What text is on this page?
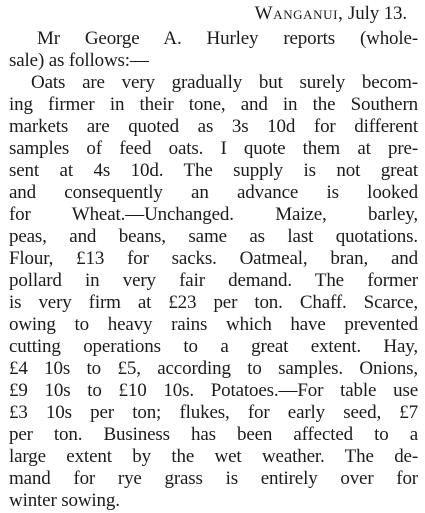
Wanganui, July 13.
Mr George A. Hurley reports (whole-
sale) as follows:—
Oats are very gradually but surely becom-
ing firmer in their tone, and in the Southern
markets are quoted as 3s 10d for different
samples of feed oats. I quote them at pre-
sent at 4s 10d. The supply is not great
and consequently an advance is looked
for Wheat.—Unchanged. Maize, barley,
peas, and beans, same as last quotations.
Flour, £13 for sacks. Oatmeal, bran, and
pollard in very fair demand. The former
is very firm at £23 per ton. Chaff. Scarce,
owing to heavy rains which have prevented
cutting operations to a great extent. Hay,
£4 10s to £5, according to samples. Onions,
£9 10s to £10 10s. Potatoes.—For table use
£3 10s per ton; flukes, for early seed, £7
per ton. Business has been affected to a
large extent by the wet weather. The de-
mand for rye grass is entirely over for
winter sowing.
